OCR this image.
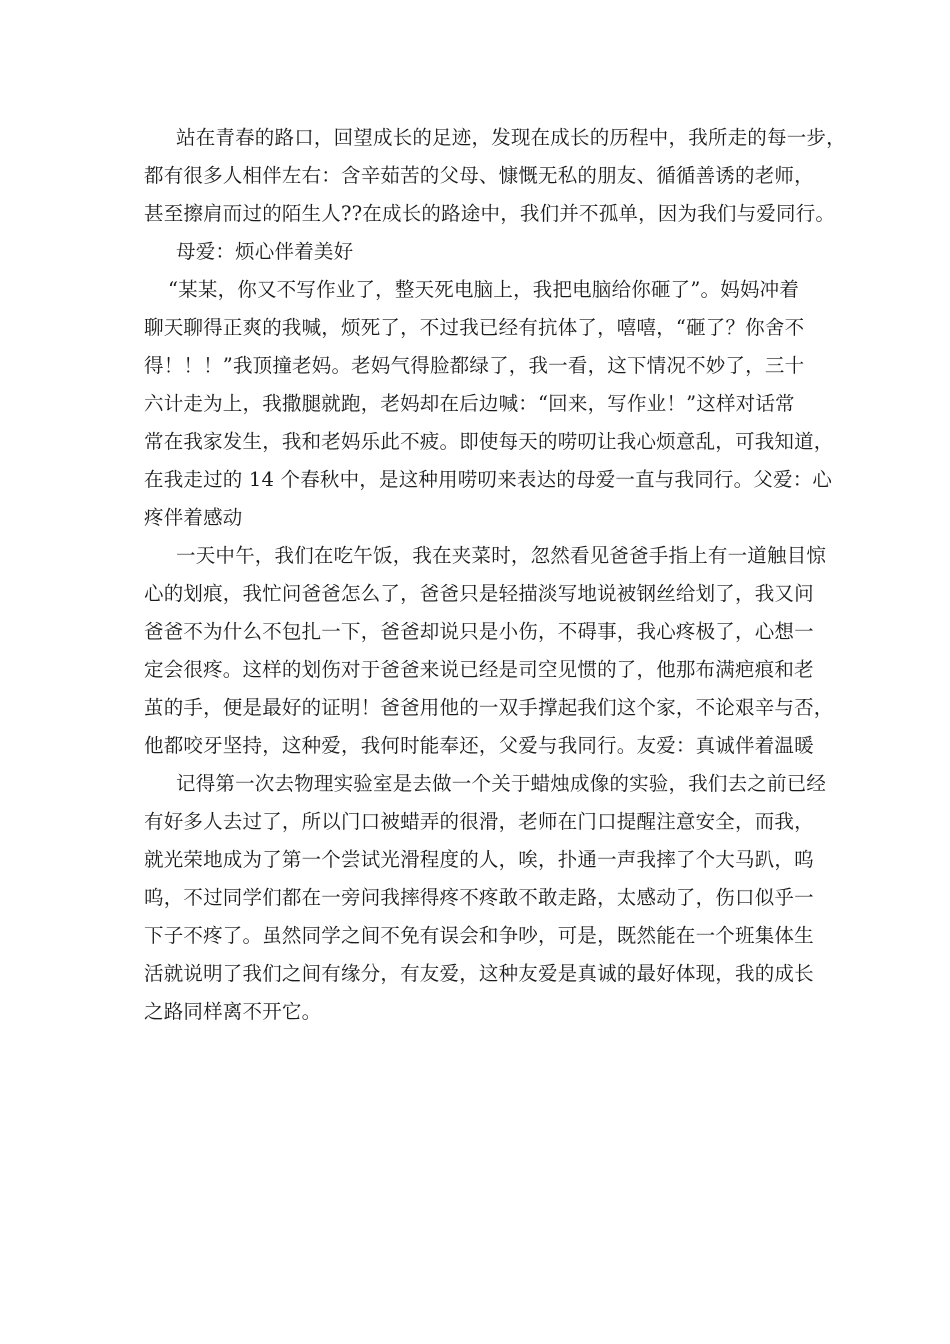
站在青春的路口，回望成长的足迹，发现在成长的历程中，我所走的每一步，
都有很多人相伴左右：含辛茹苦的父母、慷慨无私的朋友、循循善诱的老师，
甚至擦肩而过的陌生人??在成长的路途中，我们并不孤单，因为我们与爱同行。
母爱：烦心伴着美好
“某某，你又不写作业了，整天死电脑上，我把电脑给你砸了”。妈妈冲着
聊天聊得正爽的我喊，烦死了，不过我已经有抗体了，嘻嘻，“砸了？你舍不
得！！！”我顶撞老妈。老妈气得脸都绿了，我一看，这下情况不妙了，三十
六计走为上，我撒腿就跑，老妈却在后边喊：“回来，写作业！”这样对话常
常在我家发生，我和老妈乐此不疲。即使每天的唠叨让我心烦意乱，可我知道，
在我走过的 14 个春秋中，是这种用唠叨来表达的母爱一直与我同行。父爱：心
疼伴着感动
一天中午，我们在吃午饭，我在夹菜时，忽然看见爸爸手指上有一道触目惊
心的划痕，我忙问爸爸怎么了，爸爸只是轻描淡写地说被钢丝给划了，我又问
爸爸不为什么不包扎一下，爸爸却说只是小伤，不碍事，我心疼极了，心想一
定会很疼。这样的划伤对于爸爸来说已经是司空见惯的了，他那布满疤痕和老
茧的手，便是最好的证明！爸爸用他的一双手撑起我们这个家，不论艰辛与否，
他都咬牙坚持，这种爱，我何时能奉还，父爱与我同行。友爱：真诚伴着温暖
记得第一次去物理实验室是去做一个关于蜡烛成像的实验，我们去之前已经
有好多人去过了，所以门口被蜡弄的很滑，老师在门口提醒注意安全，而我，
就光荣地成为了第一个尝试光滑程度的人，唉，扑通一声我摔了个大马趴，呜
呜，不过同学们都在一旁问我摔得疼不疼敢不敢走路，太感动了，伤口似乎一
下子不疼了。虽然同学之间不免有误会和争吵，可是，既然能在一个班集体生
活就说明了我们之间有缘分，有友爱，这种友爱是真诚的最好体现，我的成长
之路同样离不开它。
